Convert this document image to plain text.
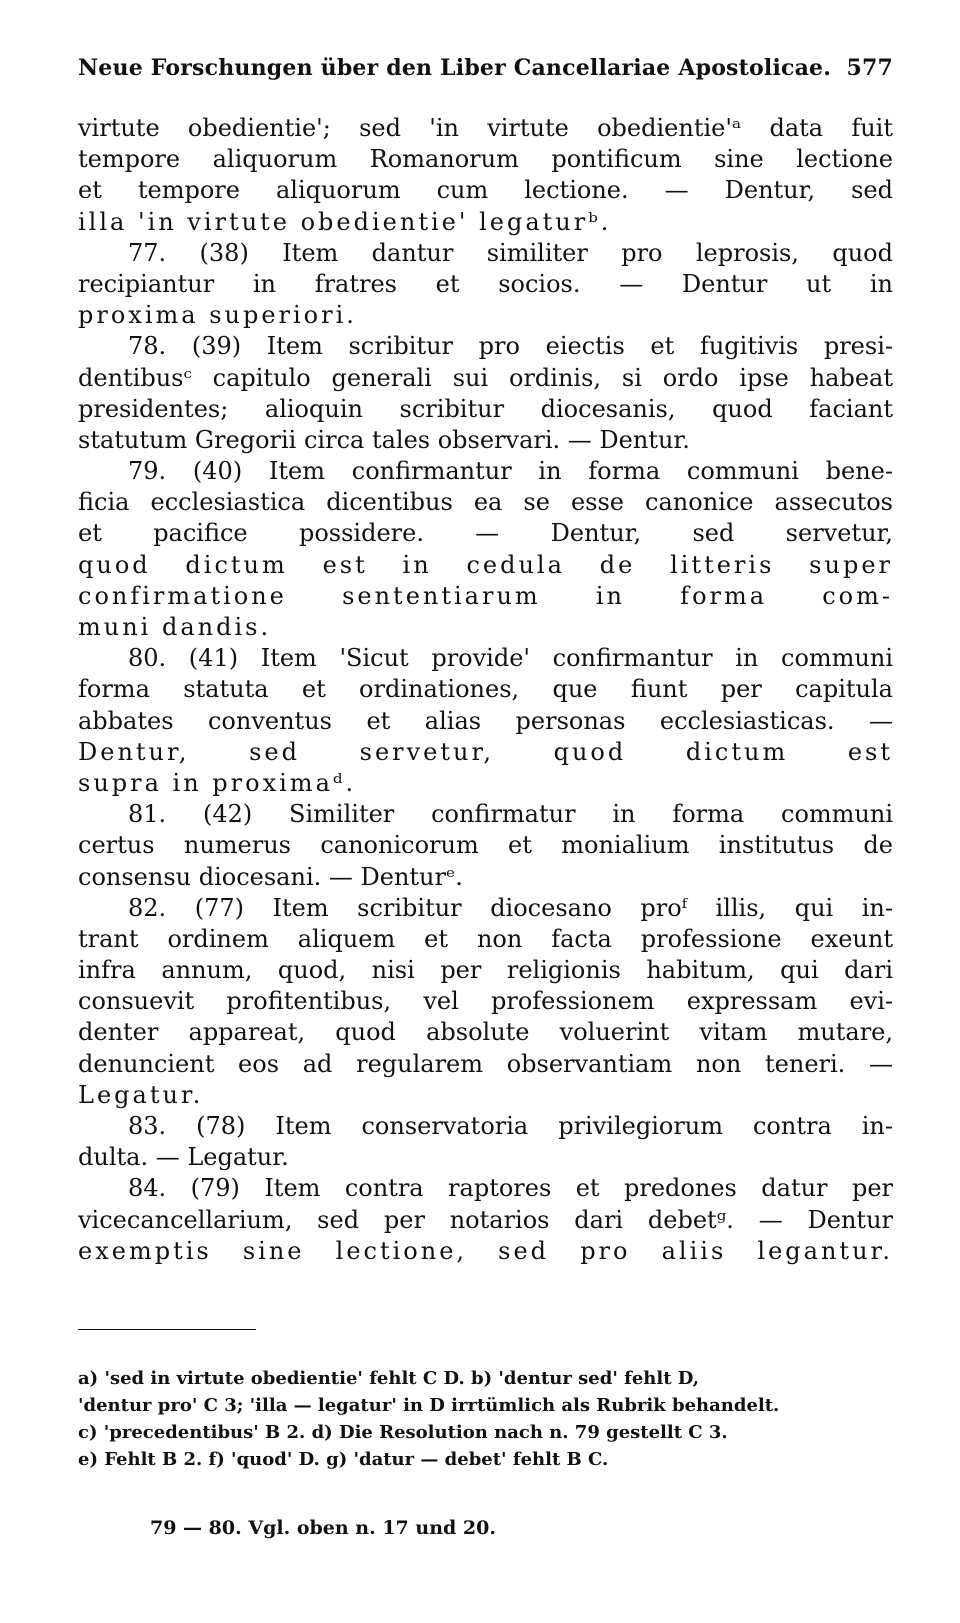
Neue Forschungen über den Liber Cancellariae Apostolicae. 577
virtute obedientie'; sed 'in virtute obedientie'ᵃ data fuit
tempore aliquorum Romanorum pontificum sine lectione
et tempore aliquorum cum lectione. — Dentur, sed
illa 'in virtute obedientie' legaturᵇ.
77. (38) Item dantur similiter pro leprosis, quod
recipiantur in fratres et socios. — Dentur ut in
proxima superiori.
78. (39) Item scribitur pro eiectis et fugitivis presi-
dentibusᶜ capitulo generali sui ordinis, si ordo ipse habeat
presidentes; alioquin scribitur diocesanis, quod faciant
statutum Gregorii circa tales observari. — Dentur.
79. (40) Item confirmantur in forma communi bene-
ficia ecclesiastica dicentibus ea se esse canonice assecutos
et pacifice possidere. — Dentur, sed servetur,
quod dictum est in cedula de litteris super
confirmatione sententiarum in forma com-
muni dandis.
80. (41) Item 'Sicut provide' confirmantur in communi
forma statuta et ordinationes, que fiunt per capitula
abbates conventus et alias personas ecclesiasticas. —
Dentur, sed servetur, quod dictum est
supra in proximaᵈ.
81. (42) Similiter confirmatur in forma communi
certus numerus canonicorum et monialium institutus de
consensu diocesani. — Denturᵉ.
82. (77) Item scribitur diocesano proᶠ illis, qui in-
trant ordinem aliquem et non facta professione exeunt
infra annum, quod, nisi per religionis habitum, qui dari
consuevit profitentibus, vel professionem expressam evi-
denter appareat, quod absolute voluerint vitam mutare,
denuncient eos ad regularem observantiam non teneri. —
Legatur.
83. (78) Item conservatoria privilegiorum contra in-
dulta. — Legatur.
84. (79) Item contra raptores et predones datur per
vicecancellarium, sed per notarios dari debetᵍ. — Dentur
exemptis sine lectione, sed pro aliis legantur.
a) 'sed in virtute obedientie' fehlt C D. b) 'dentur sed' fehlt D,
'dentur pro' C 3; 'illa — legatur' in D irrtümlich als Rubrik behandelt.
c) 'precedentibus' B 2. d) Die Resolution nach n. 79 gestellt C 3.
e) Fehlt B 2. f) 'quod' D. g) 'datur — debet' fehlt B C.
79 — 80. Vgl. oben n. 17 und 20.
